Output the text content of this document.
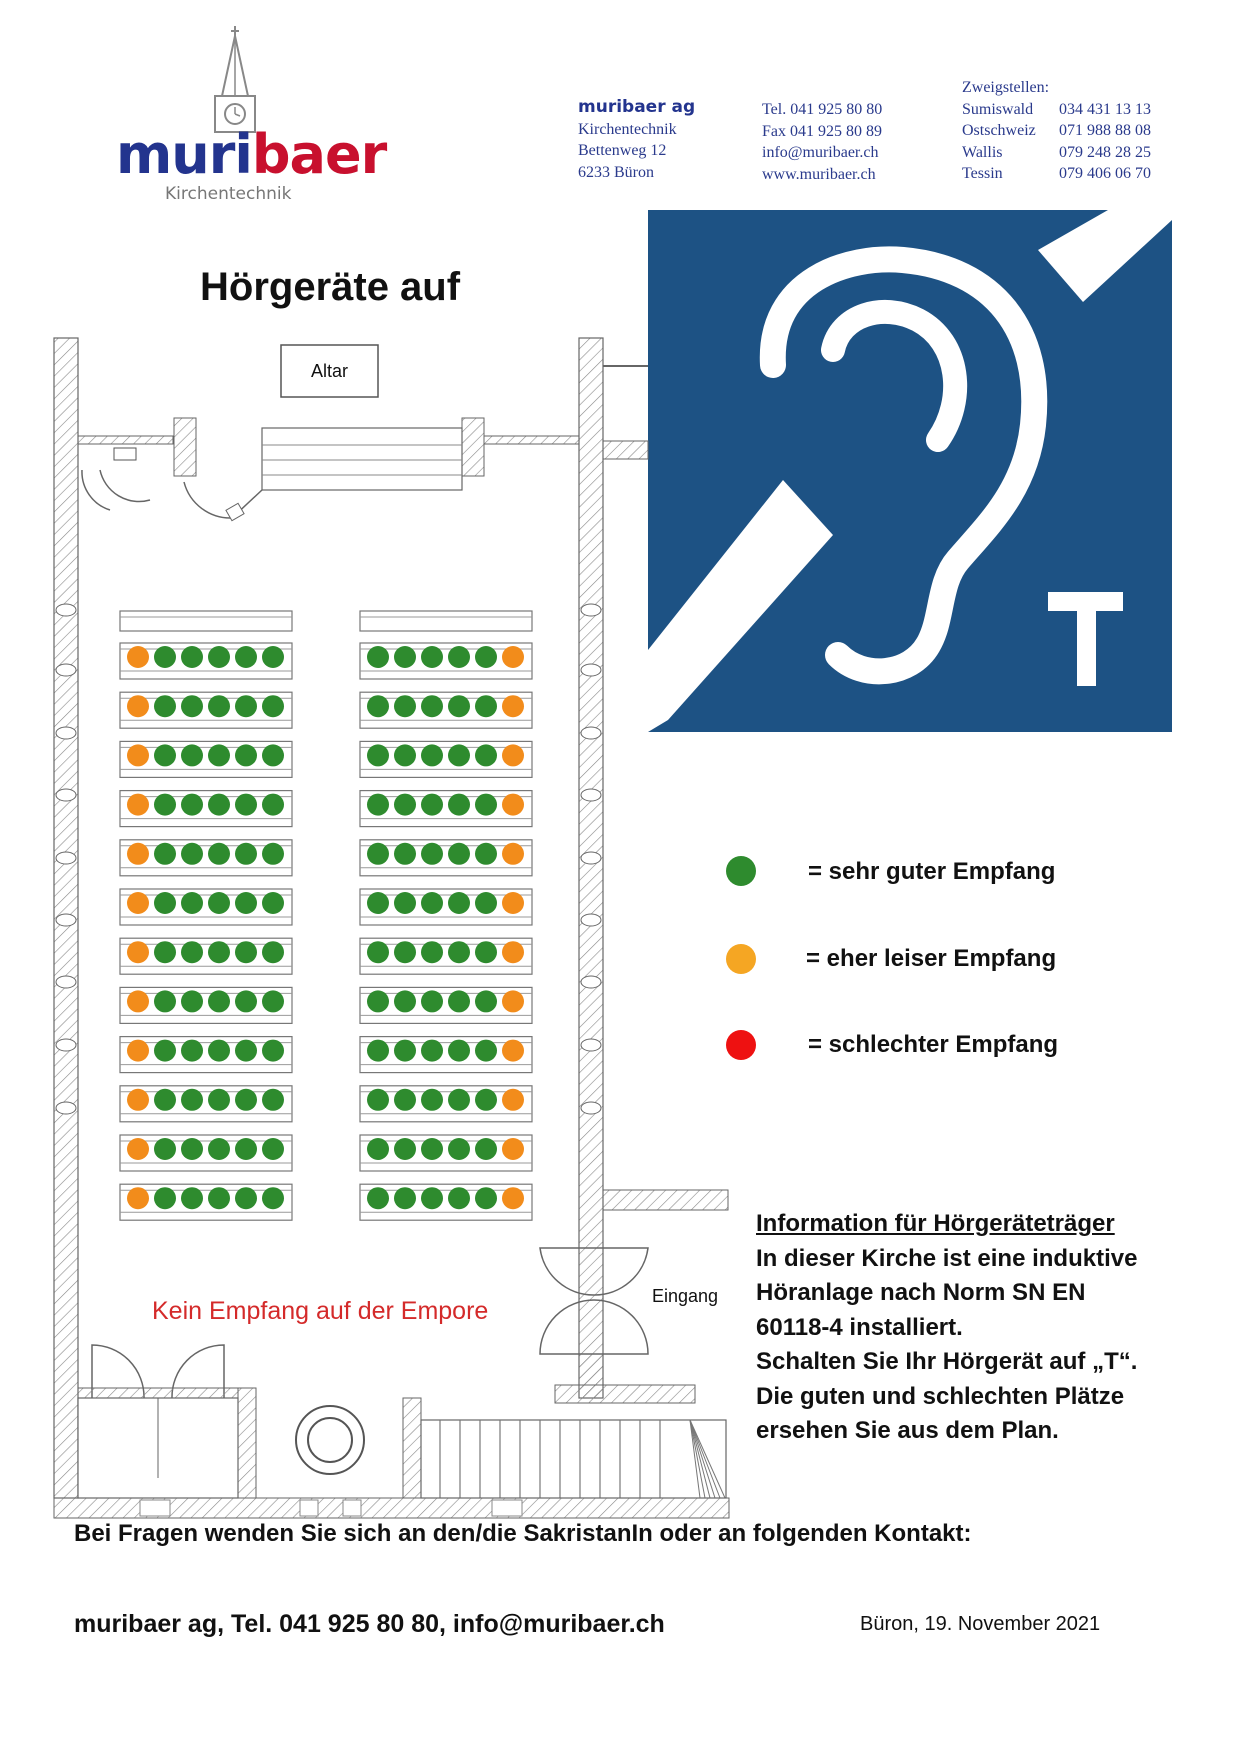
muribaer
Kirchentechnik
muribaer ag
Kirchentechnik
Bettenweg 12
6233 Büron
Tel. 041 925 80 80
Fax 041 925 80 89
info@muribaer.ch
www.muribaer.ch
Zweigstellen:
Sumiswald	034 431 13 13
Ostschweiz	071 988 88 08
Wallis	079 248 28 25
Tessin	079 406 06 70
Hörgeräte auf
T
Altar
Kein Empfang auf der Empore
Eingang
= sehr guter Empfang
= eher leiser Empfang
= schlechter Empfang
Information für Hörgeräteträger
In dieser Kirche ist eine induktive
Höranlage nach Norm SN EN
60118-4 installiert.
Schalten Sie Ihr Hörgerät auf „T“.
Die guten und schlechten Plätze
ersehen Sie aus dem Plan.
Bei Fragen wenden Sie sich an den/die SakristanIn oder an folgenden Kontakt:
muribaer ag, Tel. 041 925 80 80, info@muribaer.ch	Büron, 19. November 2021
